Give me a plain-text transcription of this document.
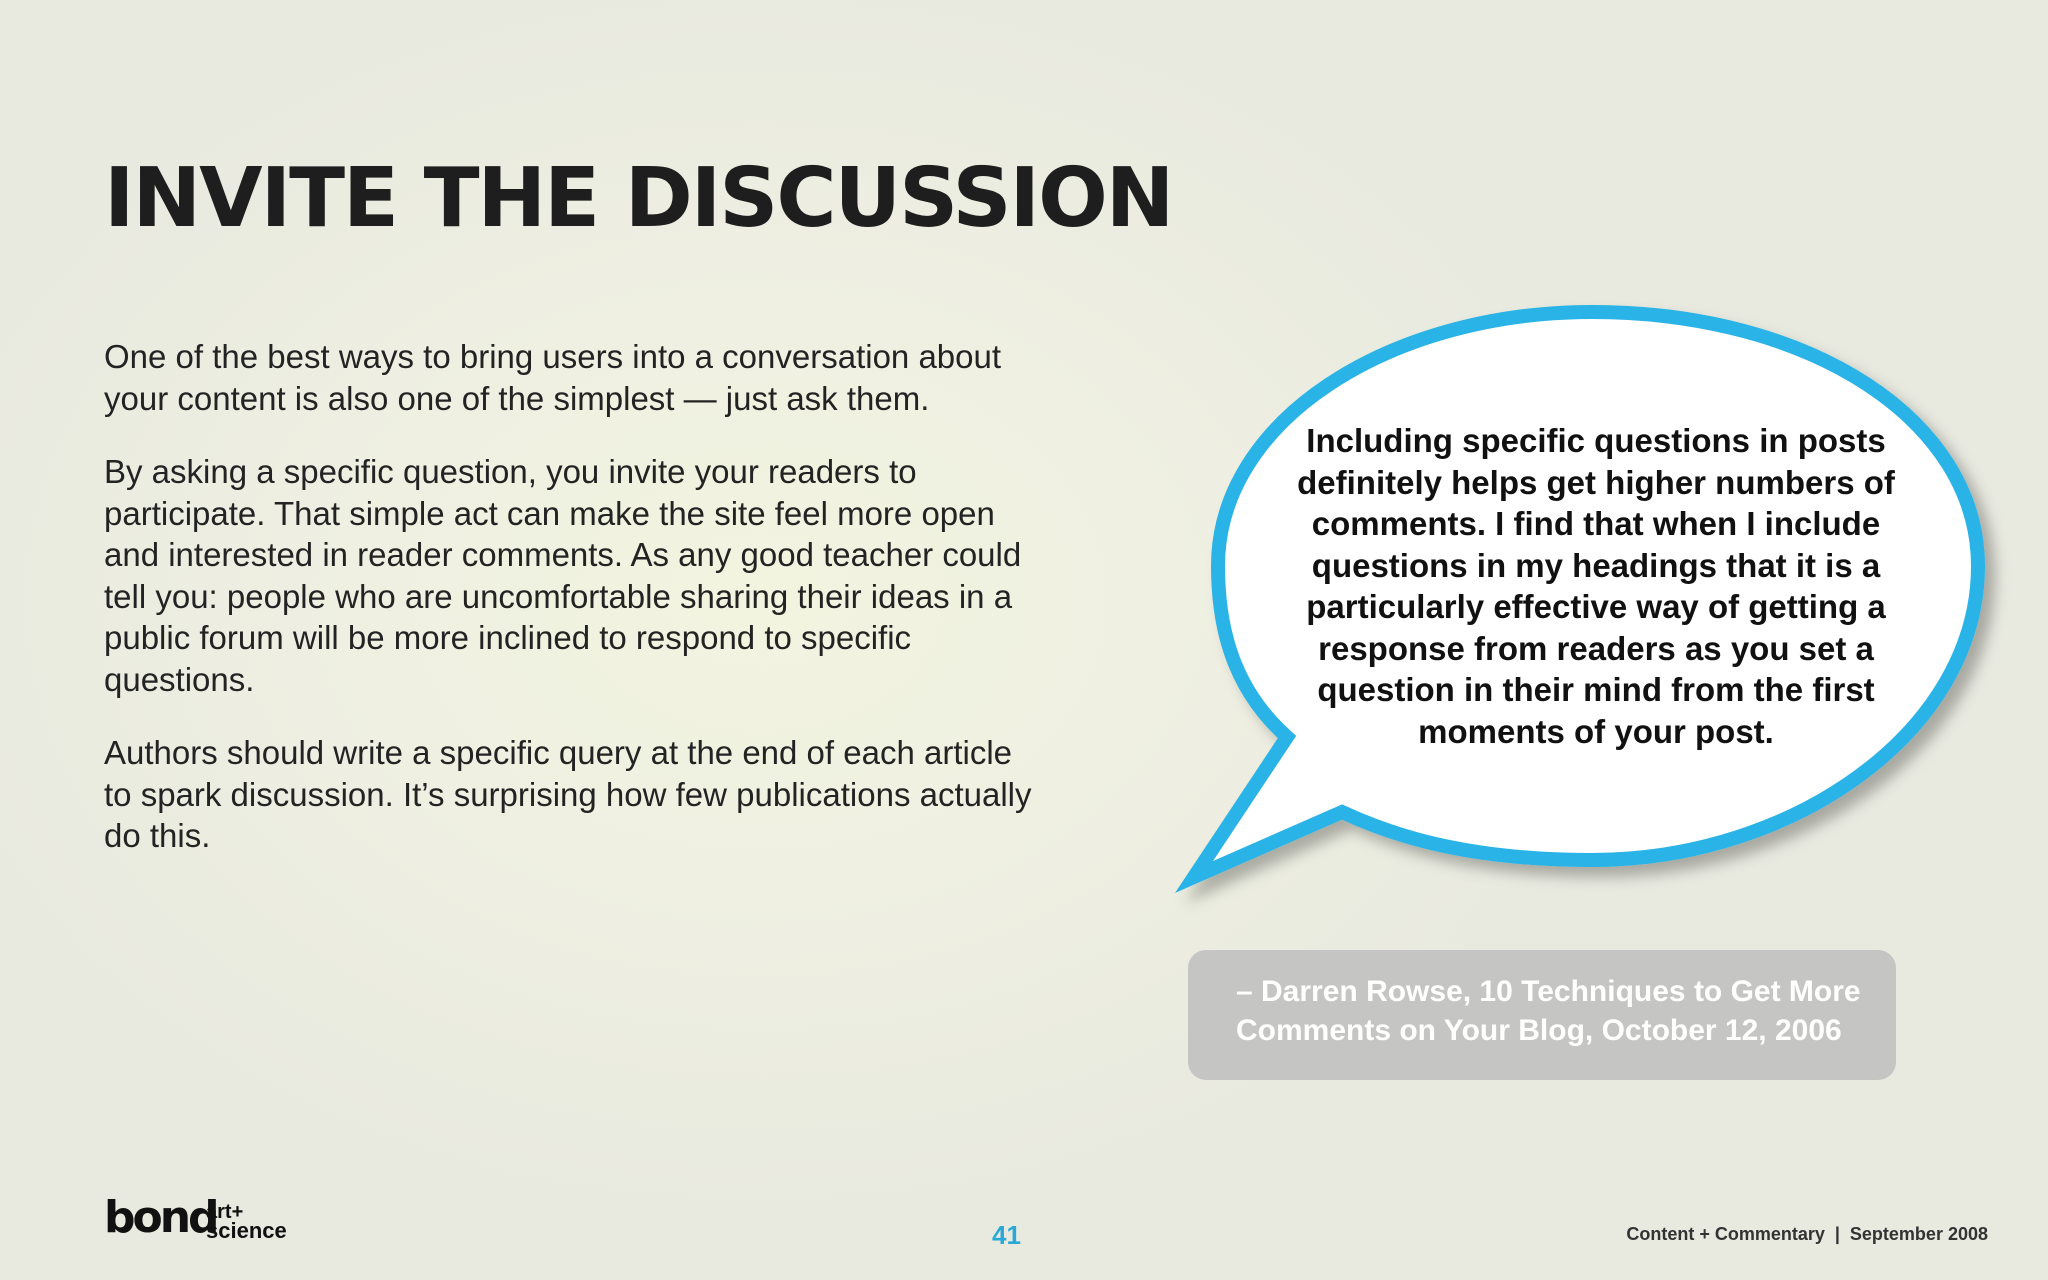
INVITE THE DISCUSSION

One of the best ways to bring users into a conversation about your content is also one of the simplest — just ask them.

By asking a specific question, you invite your readers to participate. That simple act can make the site feel more open and interested in reader comments. As any good teacher could tell you: people who are uncomfortable sharing their ideas in a public forum will be more inclined to respond to specific questions.

Authors should write a specific query at the end of each article to spark discussion. It’s surprising how few publications actually do this.

Including specific questions in posts definitely helps get higher numbers of comments. I find that when I include questions in my headings that it is a particularly effective way of getting a response from readers as you set a question in their mind from the first moments of your post.

– Darren Rowse, 10 Techniques to Get More Comments on Your Blog, October 12, 2006

bond
art+
science	41	Content + Commentary  |  September 2008
